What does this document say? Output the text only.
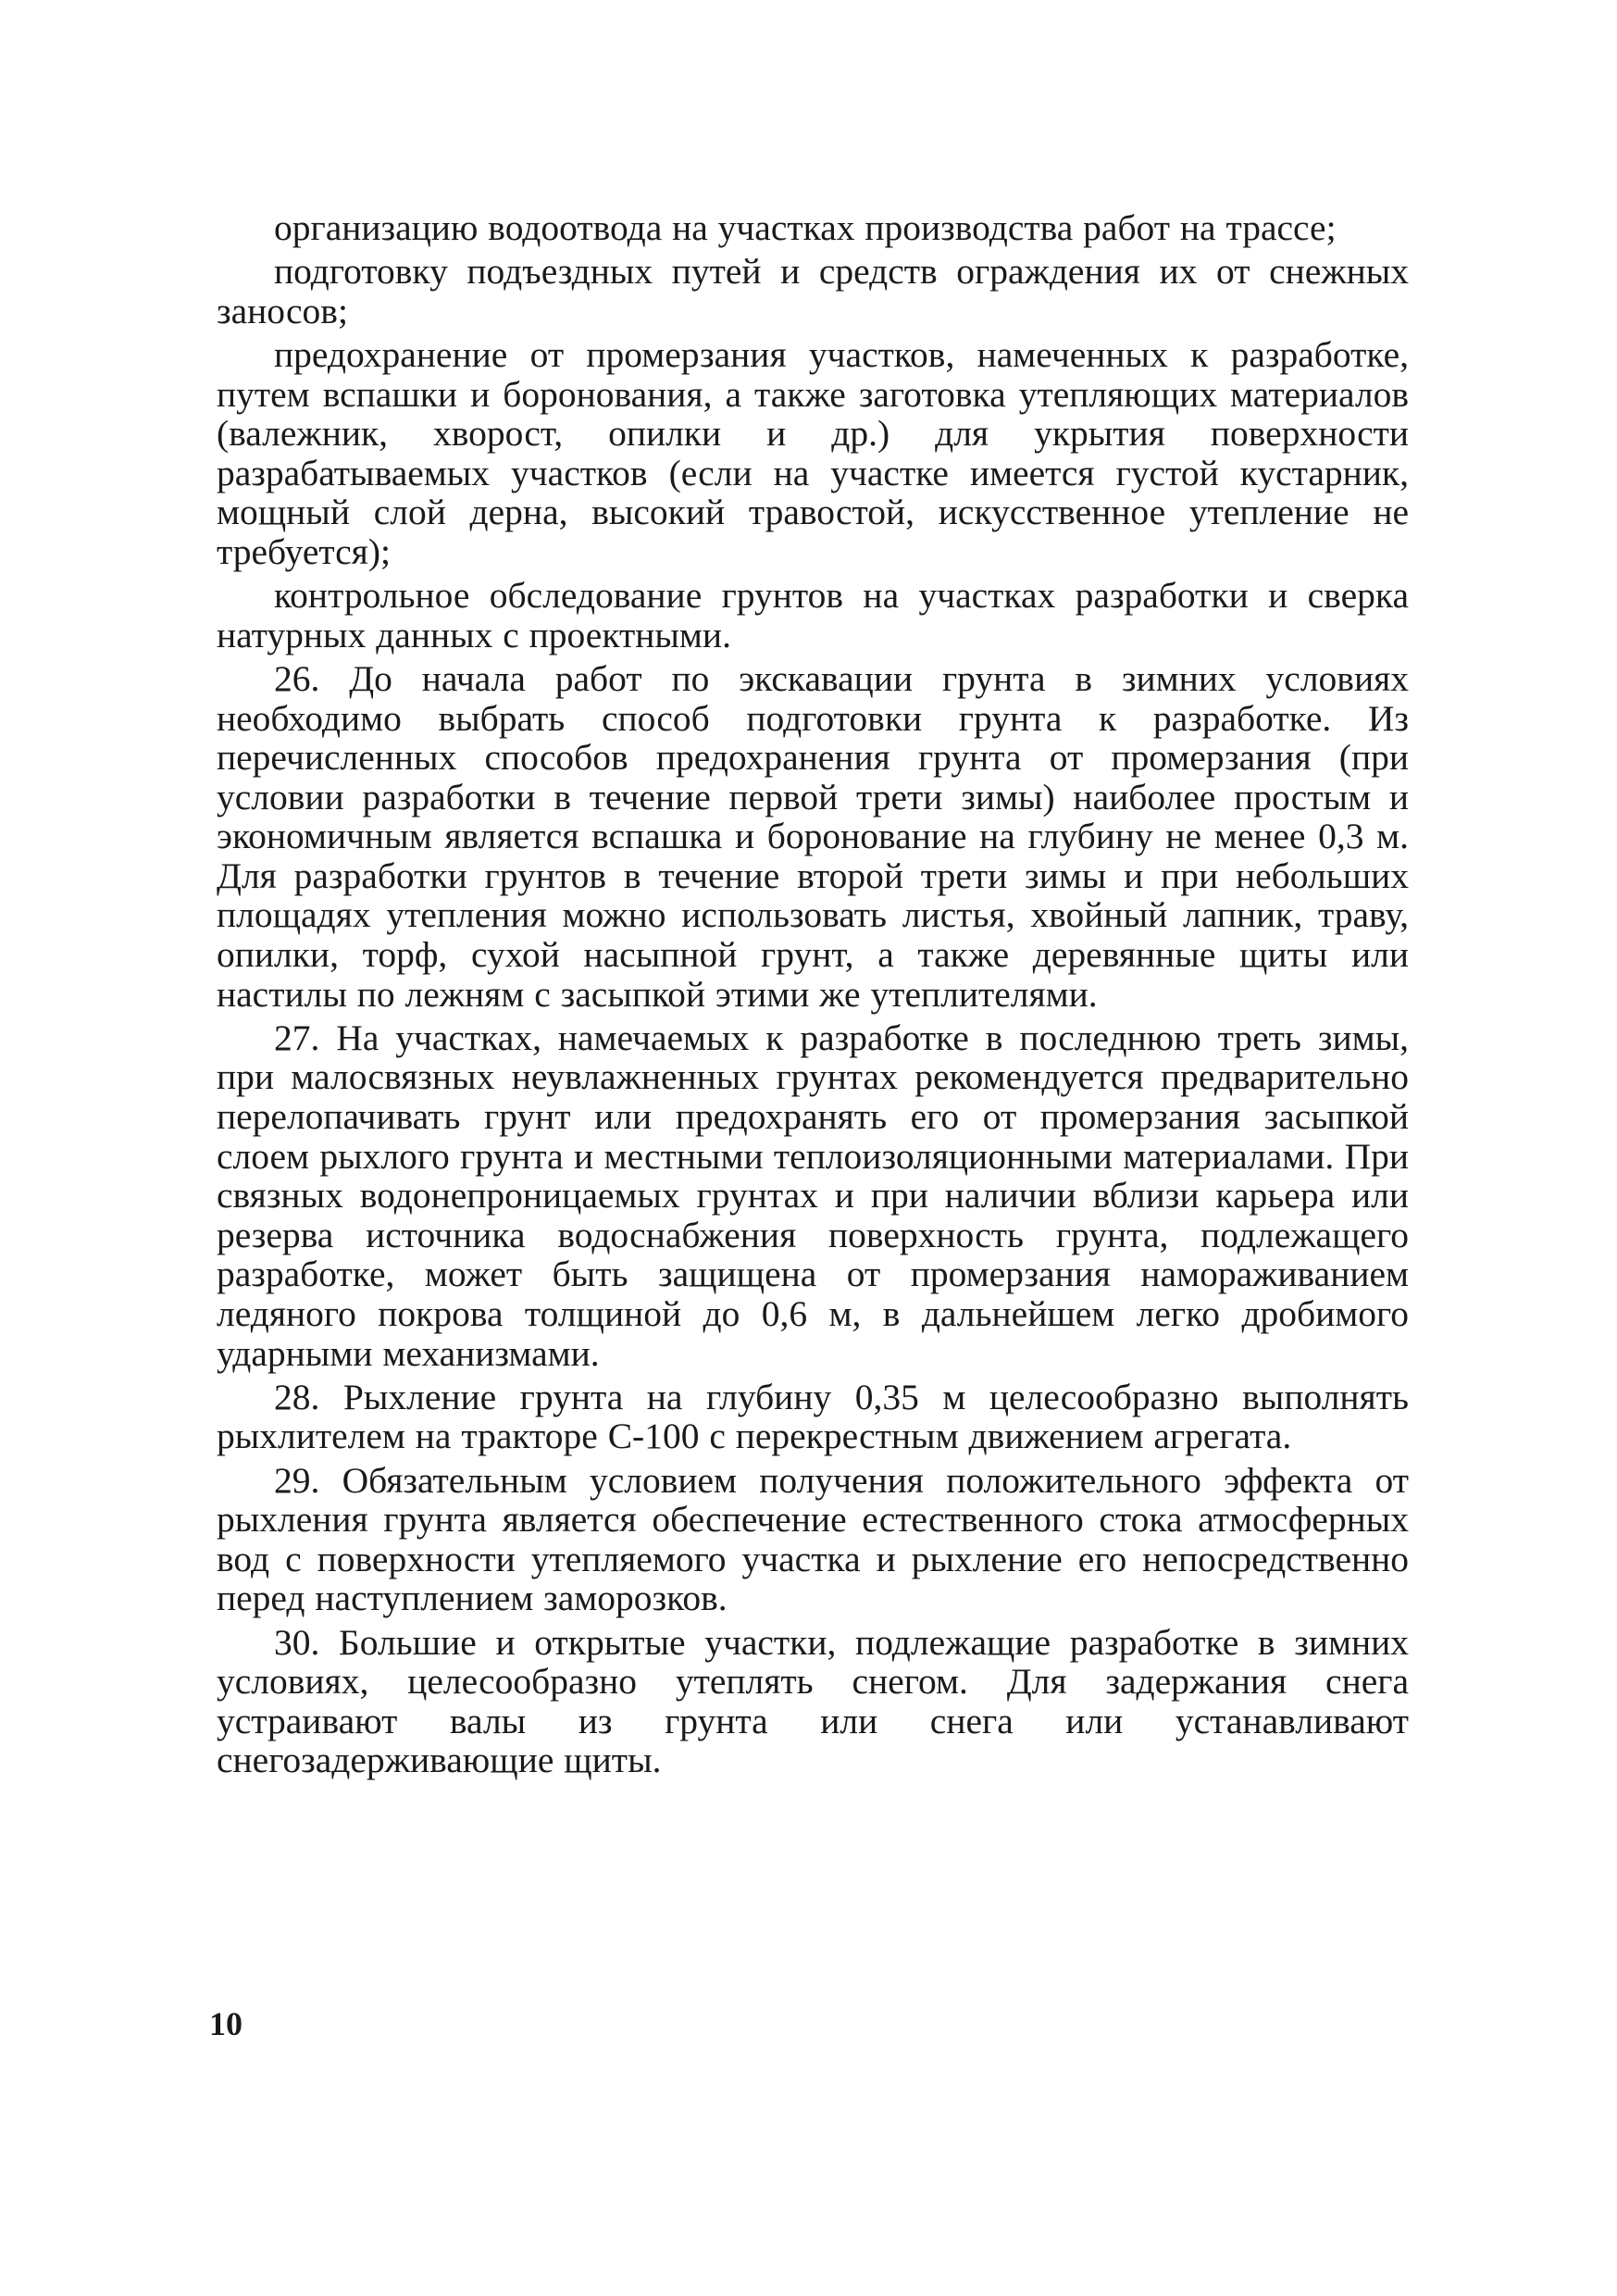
организацию водоотвода на участках производства работ на трассе;

подготовку подъездных путей и средств ограждения их от снежных заносов;

предохранение от промерзания участков, намеченных к разработке, путем вспашки и боронования, а также заготовка утепляющих материалов (валежник, хворост, опилки и др.) для укрытия поверхности разрабатываемых участков (если на участке имеется густой кустарник, мощный слой дерна, высокий травостой, искусственное утепление не требуется);

контрольное обследование грунтов на участках разработки и сверка натурных данных с проектными.

26. До начала работ по экскавации грунта в зимних условиях необходимо выбрать способ подготовки грунта к разработке. Из перечисленных способов предохранения грунта от промерзания (при условии разработки в течение первой трети зимы) наиболее простым и экономичным является вспашка и боронование на глубину не менее 0,3 м. Для разработки грунтов в течение второй трети зимы и при небольших площадях утепления можно использовать листья, хвойный лапник, траву, опилки, торф, сухой насыпной грунт, а также деревянные щиты или настилы по лежням с засыпкой этими же утеплителями.

27. На участках, намечаемых к разработке в последнюю треть зимы, при малосвязных неувлажненных грунтах рекомендуется предварительно перелопачивать грунт или предохранять его от промерзания засыпкой слоем рыхлого грунта и местными теплоизоляционными материалами. При связных водонепроницаемых грунтах и при наличии вблизи карьера или резерва источника водоснабжения поверхность грунта, подлежащего разработке, может быть защищена от промерзания намораживанием ледяного покрова толщиной до 0,6 м, в дальнейшем легко дробимого ударными механизмами.

28. Рыхление грунта на глубину 0,35 м целесообразно выполнять рыхлителем на тракторе С-100 с перекрестным движением агрегата.

29. Обязательным условием получения положительного эффекта от рыхления грунта является обеспечение естественного стока атмосферных вод с поверхности утепляемого участка и рыхление его непосредственно перед наступлением заморозков.

30. Большие и открытые участки, подлежащие разработке в зимних условиях, целесообразно утеплять снегом. Для задержания снега устраивают валы из грунта или снега или устанавливают снегозадерживающие щиты.

10
